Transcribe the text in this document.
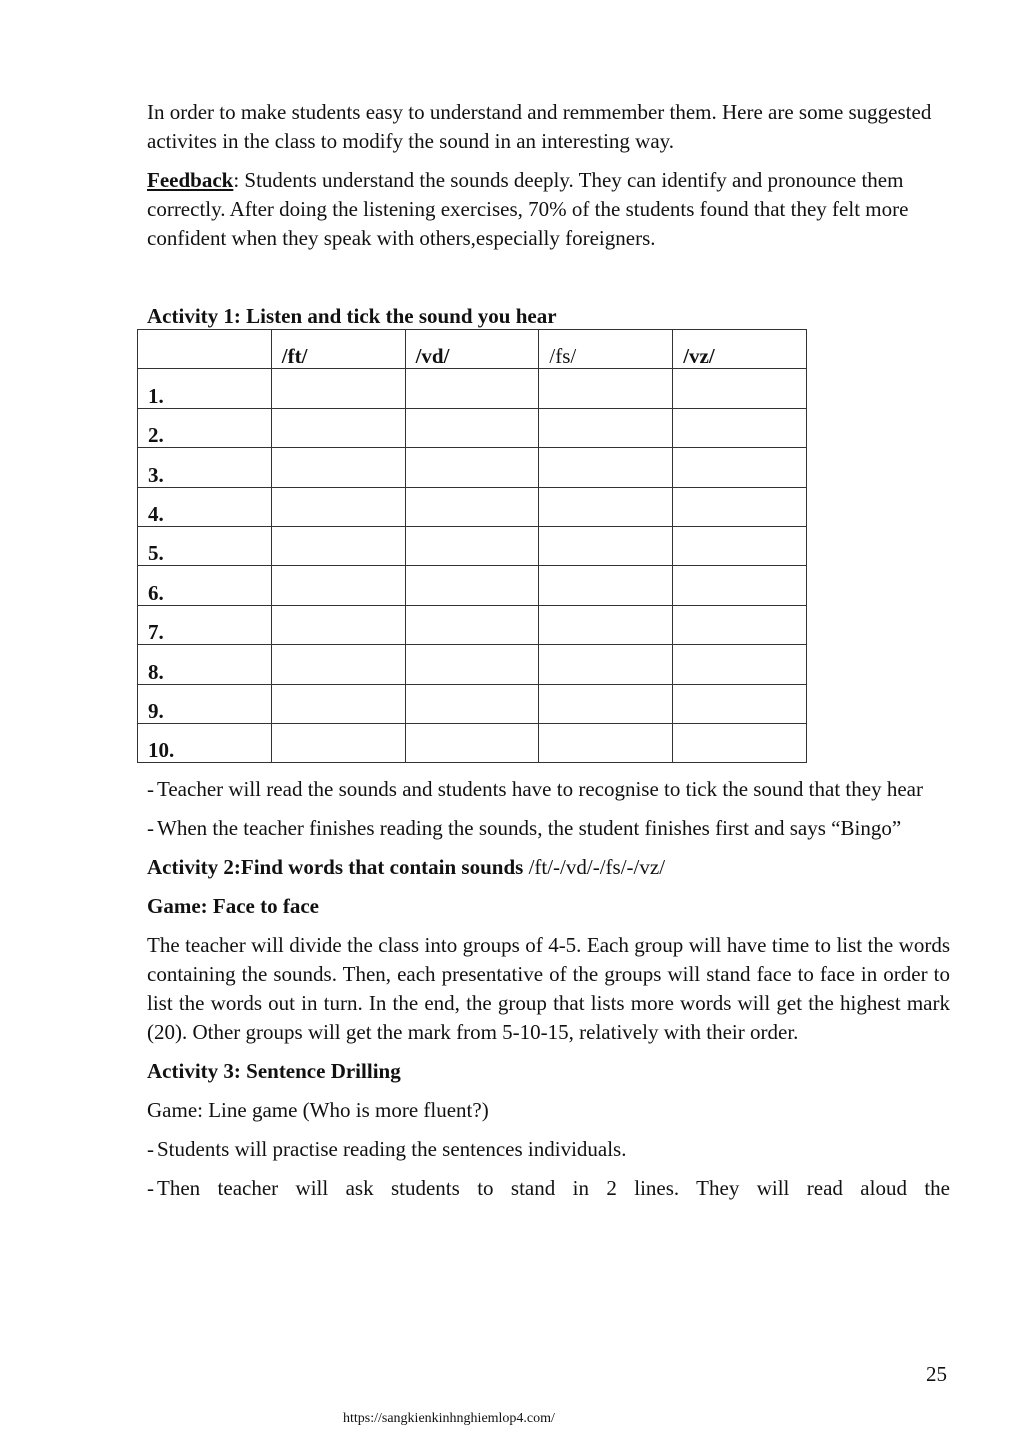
In order to make students easy to understand and remmember them. Here are some suggested activites in the class to modify the sound in an interesting way.

Feedback: Students understand the sounds deeply. They can identify and pronounce them correctly. After doing the listening exercises, 70% of the students found that they felt more confident when they speak with others,especially foreigners.

Activity 1: Listen and tick the sound you hear

	/ft/	/vd/	/fs/	/vz/
1.				
2.				
3.				
4.				
5.				
6.				
7.				
8.				
9.				
10.				

- Teacher will read the sounds and students have to recognise to tick the sound that they hear

- When the teacher finishes reading the sounds, the student finishes first and says “Bingo”

Activity 2:Find words that contain sounds /ft/-/vd/-/fs/-/vz/

Game: Face to face

The teacher will divide the class into groups of 4-5. Each group will have time to list the words containing the sounds. Then, each presentative of the groups will stand face to face in order to list the words out in turn. In the end, the group that lists more words will get the highest mark (20). Other groups will get the mark from 5-10-15, relatively with their order.

Activity 3: Sentence Drilling

Game: Line game (Who is more fluent?)

- Students will practise reading the sentences individuals.

- Then teacher will ask students to stand in 2 lines. They will read aloud the

25
https://sangkienkinhnghiemlop4.com/
